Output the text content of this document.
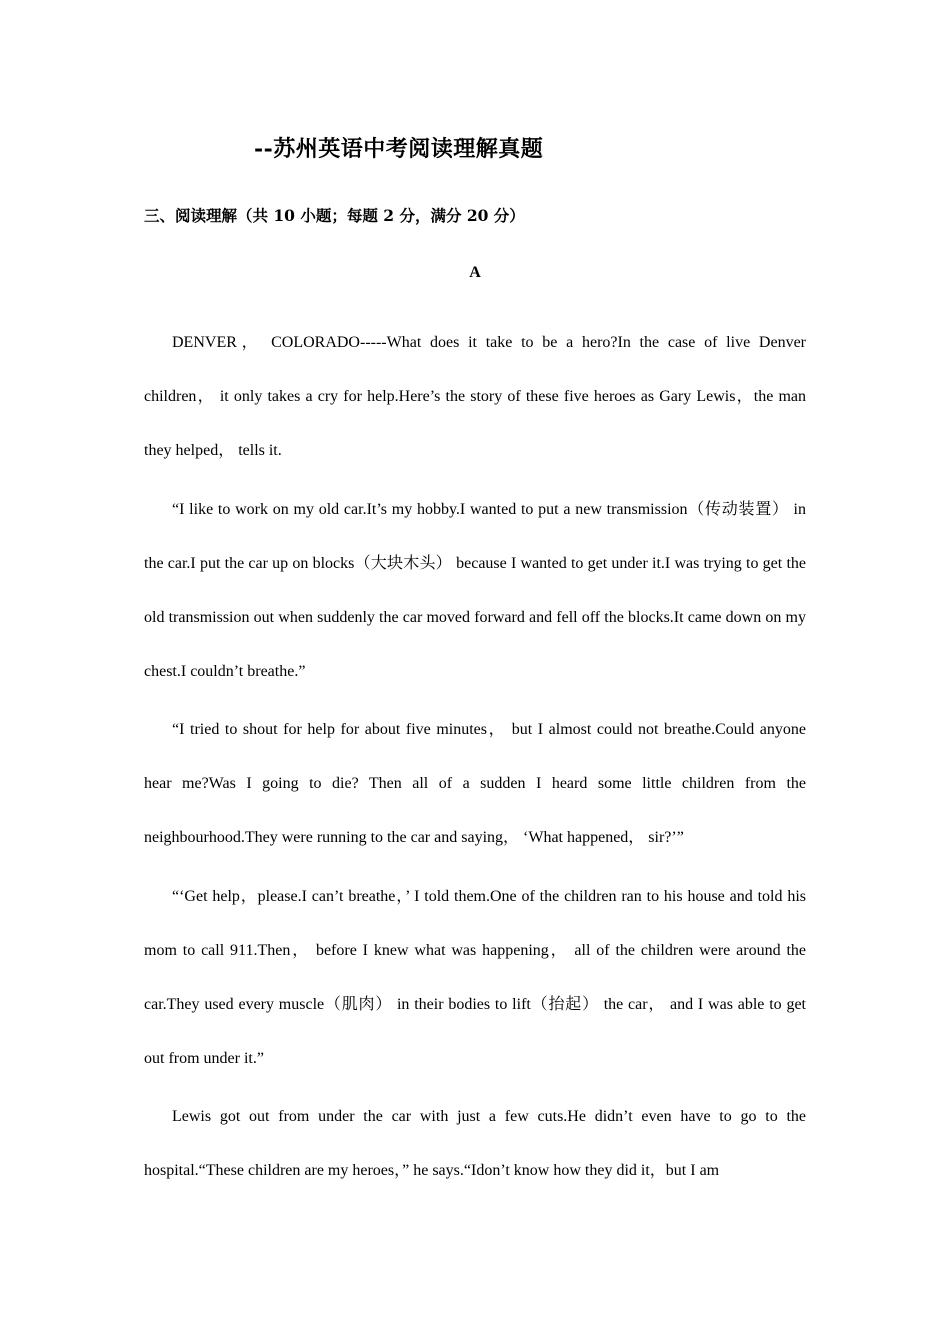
--苏州英语中考阅读理解真题
三、阅读理解（共 10 小题；每题 2 分，满分 20 分）
A

DENVER， COLORADO-----What does it take to be a hero?In the case of live Denver children， it only takes a cry for help.Here’s the story of these five heroes as Gary Lewis，the man they helped， tells it.

“I like to work on my old car.It’s my hobby.I wanted to put a new transmission（传动装置） in the car.I put the car up on blocks（大块木头） because I wanted to get under it.I was trying to get the old transmission out when suddenly the car moved forward and fell off the blocks.It came down on my chest.I couldn’t breathe.”

“I tried to shout for help for about five minutes， but I almost could not breathe.Could anyone hear me?Was I going to die? Then all of a sudden I heard some little children from the neighbourhood.They were running to the car and saying， ‘What happened， sir?’”

“‘Get help，please.I can’t breathe，’ I told them.One of the children ran to his house and told his mom to call 911.Then， before I knew what was happening， all of the children were around the car.They used every muscle（肌肉） in their bodies to lift（抬起） the car， and I was able to get out from under it.”

Lewis got out from under the car with just a few cuts.He didn’t even have to go to the hospital.“These children are my heroes，” he says.“Idon’t know how they did it，but I am
